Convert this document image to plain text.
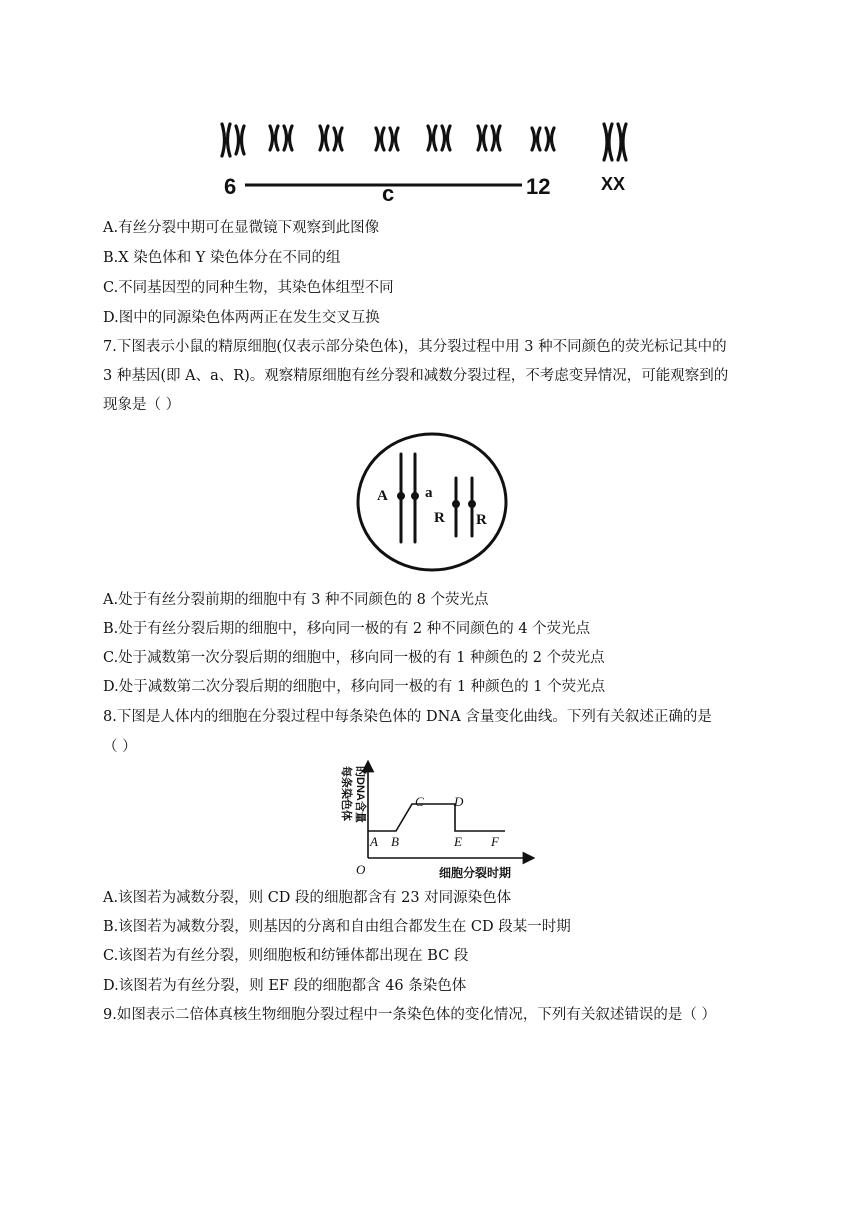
6	c	12	XX
A.有丝分裂中期可在显微镜下观察到此图像
B.X 染色体和 Y 染色体分在不同的组
C.不同基因型的同种生物，其染色体组型不同
D.图中的同源染色体两两正在发生交叉互换
7.下图表示小鼠的精原细胞(仅表示部分染色体)，其分裂过程中用 3 种不同颜色的荧光标记其中的
3 种基因(即 A、a、R)。观察精原细胞有丝分裂和减数分裂过程，不考虑变异情况，可能观察到的
现象是（ ）
A a
R R
A.处于有丝分裂前期的细胞中有 3 种不同颜色的 8 个荧光点
B.处于有丝分裂后期的细胞中，移向同一极的有 2 种不同颜色的 4 个荧光点
C.处于减数第一次分裂后期的细胞中，移向同一极的有 1 种颜色的 2 个荧光点
D.处于减数第二次分裂后期的细胞中，移向同一极的有 1 种颜色的 1 个荧光点
8.下图是人体内的细胞在分裂过程中每条染色体的 DNA 含量变化曲线。下列有关叙述正确的是
（ ）
每条染色体 的DNA含量
细胞分裂时期
O
A B
C D
E F
A.该图若为减数分裂，则 CD 段的细胞都含有 23 对同源染色体
B.该图若为减数分裂，则基因的分离和自由组合都发生在 CD 段某一时期
C.该图若为有丝分裂，则细胞板和纺锤体都出现在 BC 段
D.该图若为有丝分裂，则 EF 段的细胞都含 46 条染色体
9.如图表示二倍体真核生物细胞分裂过程中一条染色体的变化情况，下列有关叙述错误的是（ ）
